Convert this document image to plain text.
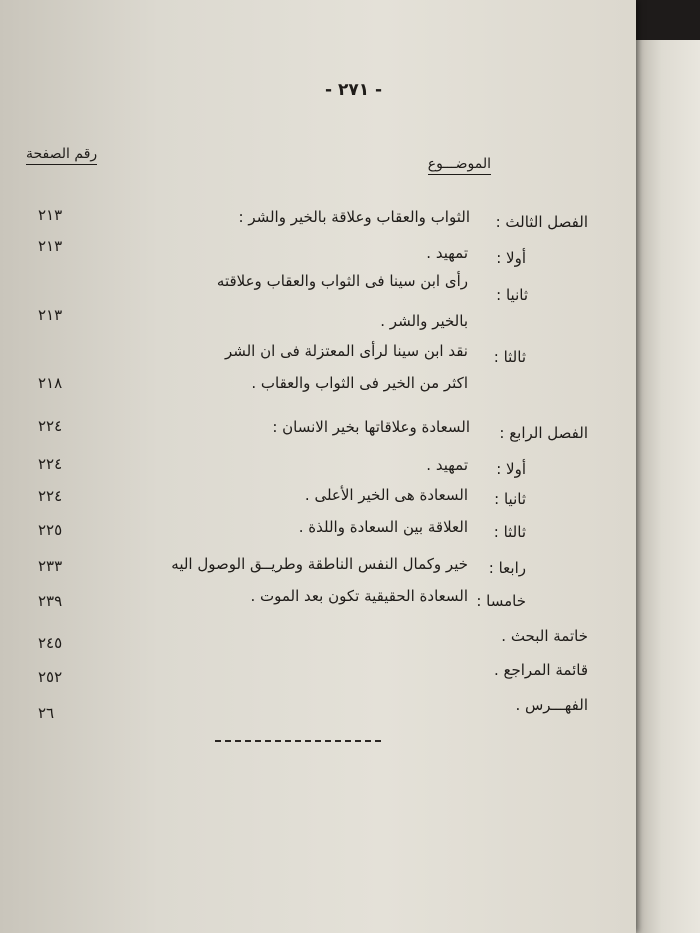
- ٢٧١ -
الموضـــوع
رقم الصفحة
الفصل الثالث :
الثواب والعقاب وعلاقة بالخير والشر :
٢١٣
أولا :
تمهيد .
٢١٣
ثانيا :
رأى ابن سينا فى الثواب والعقاب وعلاقته
بالخير والشر .
٢١٣
ثالثا :
نقد ابن سينا لرأى المعتزلة فى ان الشر
اكثر من الخير فى الثواب والعقاب .
٢١٨
الفصل الرابع :
السعادة وعلاقاتها بخير الانسان :
٢٢٤
أولا :
تمهيد .
٢٢٤
ثانيا :
السعادة هى الخير الأعلى .
٢٢٤
ثالثا :
العلاقة بين السعادة واللذة .
٢٢٥
رابعا :
خير وكمال النفس الناطقة وطريــق الوصول اليه
٢٣٣
خامسا :
السعادة الحقيقية تكون بعد الموت .
٢٣٩
خاتمة البحث .
٢٤٥
قائمة المراجع .
٢٥٢
الفهـــرس .
٢٦
